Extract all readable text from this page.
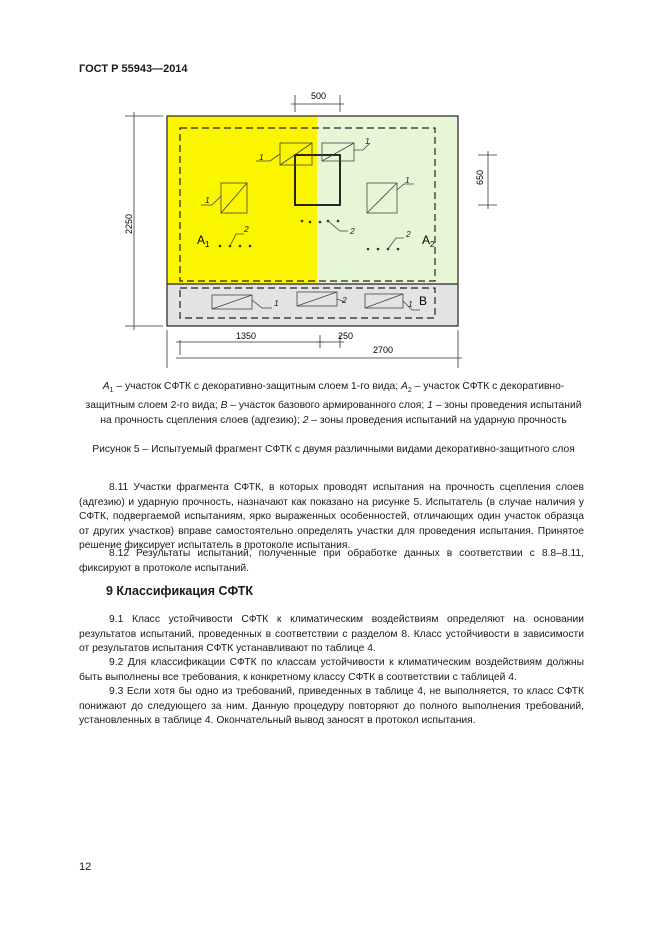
ГОСТ Р 55943—2014
500
650
2250
1350	250
2700
$А_1$	$А_2$
В
1
1
1
1
2	2	2
1	2	1
$А_1$ – участок СФТК с декоративно-защитным слоем 1-го вида; $А_2$ – участок СФТК с декоративно-защитным слоем 2-го вида; В – участок базового армированного слоя; 1 – зоны проведения испытаний на прочность сцепления слоев (адгезию); 2 – зоны проведения испытаний на ударную прочность
Рисунок 5 – Испытуемый фрагмент СФТК с двумя различными видами декоративно-защитного слоя
8.11 Участки фрагмента СФТК, в которых проводят испытания на прочность сцепления слоев (адгезию) и ударную прочность, назначают как показано на рисунке 5. Испытатель (в случае наличия у СФТК, подвергаемой испытаниям, ярко выраженных особенностей, отличающих один участок образца от других участков) вправе самостоятельно определять участки для проведения испытания. Принятое решение фиксирует испытатель в протоколе испытания.
8.12 Результаты испытаний, полученные при обработке данных в соответствии с 8.8–8.11, фиксируют в протоколе испытаний.
9 Классификация СФТК
9.1 Класс устойчивости СФТК к климатическим воздействиям определяют на основании результатов испытаний, проведенных в соответствии с разделом 8. Класс устойчивости в зависимости от результатов испытания СФТК устанавливают по таблице 4.
9.2 Для классификации СФТК по классам устойчивости к климатическим воздействиям должны быть выполнены все требования, к конкретному классу СФТК в соответствии с таблицей 4.
9.3 Если хотя бы одно из требований, приведенных в таблице 4, не выполняется, то класс СФТК понижают до следующего за ним. Данную процедуру повторяют до полного выполнения требований, установленных в таблице 4. Окончательный вывод заносят в протокол испытания.
12
